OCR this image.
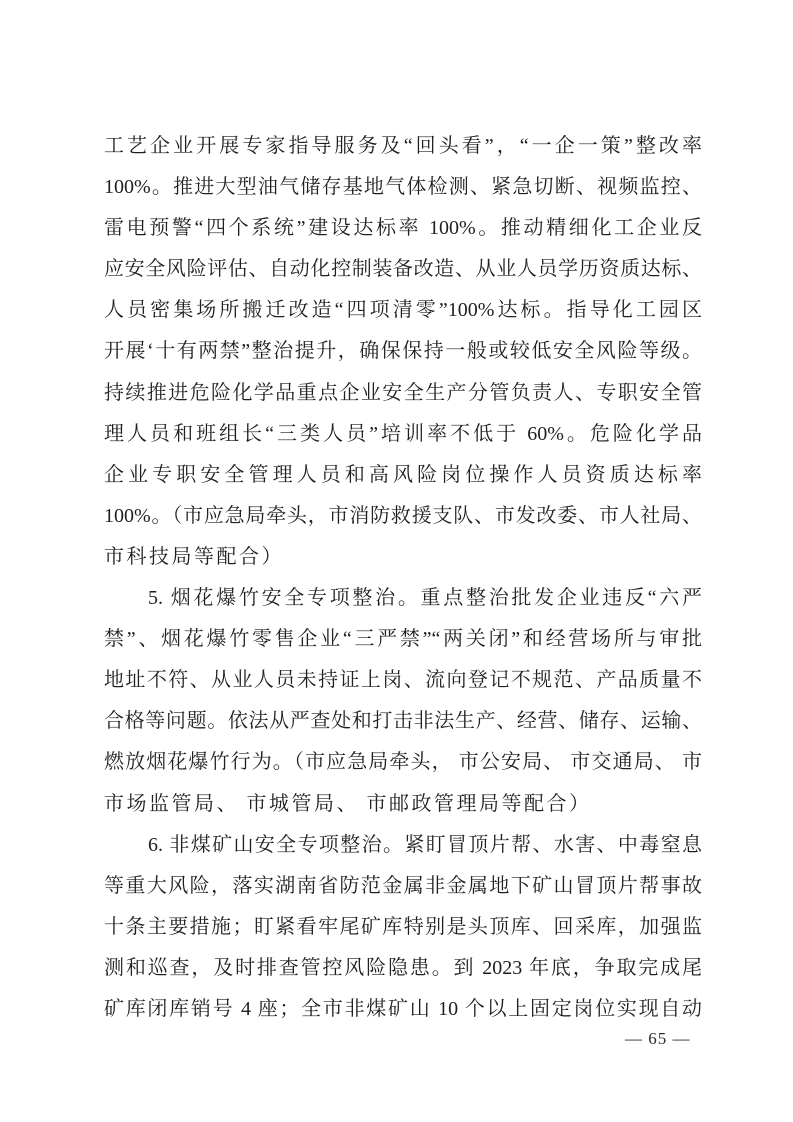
工艺企业开展专家指导服务及“回头看”，“一企一策”整改率
100%。推进大型油气储存基地气体检测、紧急切断、视频监控、
雷电预警“四个系统”建设达标率 100%。推动精细化工企业反
应安全风险评估、自动化控制装备改造、从业人员学历资质达标、
人员密集场所搬迁改造“四项清零”100%达标。指导化工园区
开展‘十有两禁”整治提升，确保保持一般或较低安全风险等级。
持续推进危险化学品重点企业安全生产分管负责人、专职安全管
理人员和班组长“三类人员”培训率不低于 60%。危险化学品
企业专职安全管理人员和高风险岗位操作人员资质达标率
100%。（市应急局牵头，市消防救援支队、市发改委、市人社局、
市科技局等配合）
5. 烟花爆竹安全专项整治。重点整治批发企业违反“六严
禁”、烟花爆竹零售企业“三严禁”“两关闭”和经营场所与审批
地址不符、从业人员未持证上岗、流向登记不规范、产品质量不
合格等问题。依法从严查处和打击非法生产、经营、储存、运输、
燃放烟花爆竹行为。（市应急局牵头， 市公安局、 市交通局、 市
市场监管局、 市城管局、 市邮政管理局等配合）
6. 非煤矿山安全专项整治。紧盯冒顶片帮、水害、中毒窒息
等重大风险，落实湖南省防范金属非金属地下矿山冒顶片帮事故
十条主要措施；盯紧看牢尾矿库特别是头顶库、回采库，加强监
测和巡查，及时排查管控风险隐患。到 2023 年底，争取完成尾
矿库闭库销号 4 座；全市非煤矿山 10 个以上固定岗位实现自动
— 65 —
